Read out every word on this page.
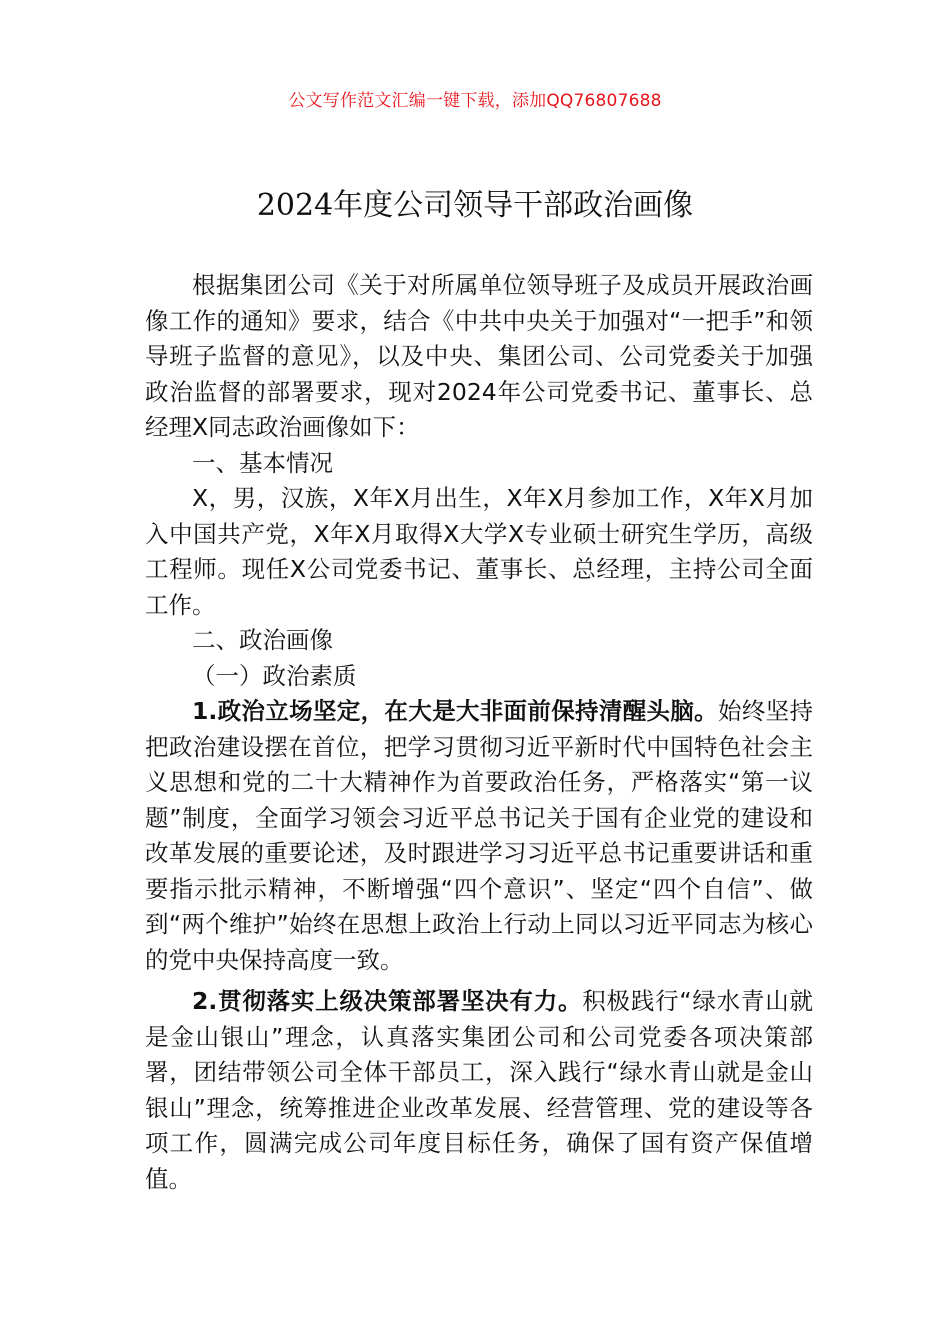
公文写作范文汇编一键下载，添加QQ76807688
2024年度公司领导干部政治画像

根据集团公司《关于对所属单位领导班子及成员开展政治画像工作的通知》要求，结合《中共中央关于加强对“一把手”和领导班子监督的意见》，以及中央、集团公司、公司党委关于加强政治监督的部署要求，现对2024年公司党委书记、董事长、总经理X同志政治画像如下：

一、基本情况

X，男，汉族，X年X月出生，X年X月参加工作，X年X月加入中国共产党，X年X月取得X大学X专业硕士研究生学历，高级工程师。现任X公司党委书记、董事长、总经理，主持公司全面工作。

二、政治画像

（一）政治素质

1.政治立场坚定，在大是大非面前保持清醒头脑。始终坚持把政治建设摆在首位，把学习贯彻习近平新时代中国特色社会主义思想和党的二十大精神作为首要政治任务，严格落实“第一议题”制度，全面学习领会习近平总书记关于国有企业党的建设和改革发展的重要论述，及时跟进学习习近平总书记重要讲话和重要指示批示精神，不断增强“四个意识”、坚定“四个自信”、做到“两个维护”始终在思想上政治上行动上同以习近平同志为核心的党中央保持高度一致。

2.贯彻落实上级决策部署坚决有力。积极践行“绿水青山就是金山银山”理念，认真落实集团公司和公司党委各项决策部署，团结带领公司全体干部员工，深入践行“绿水青山就是金山银山”理念，统筹推进企业改革发展、经营管理、党的建设等各项工作，圆满完成公司年度目标任务，确保了国有资产保值增值。
